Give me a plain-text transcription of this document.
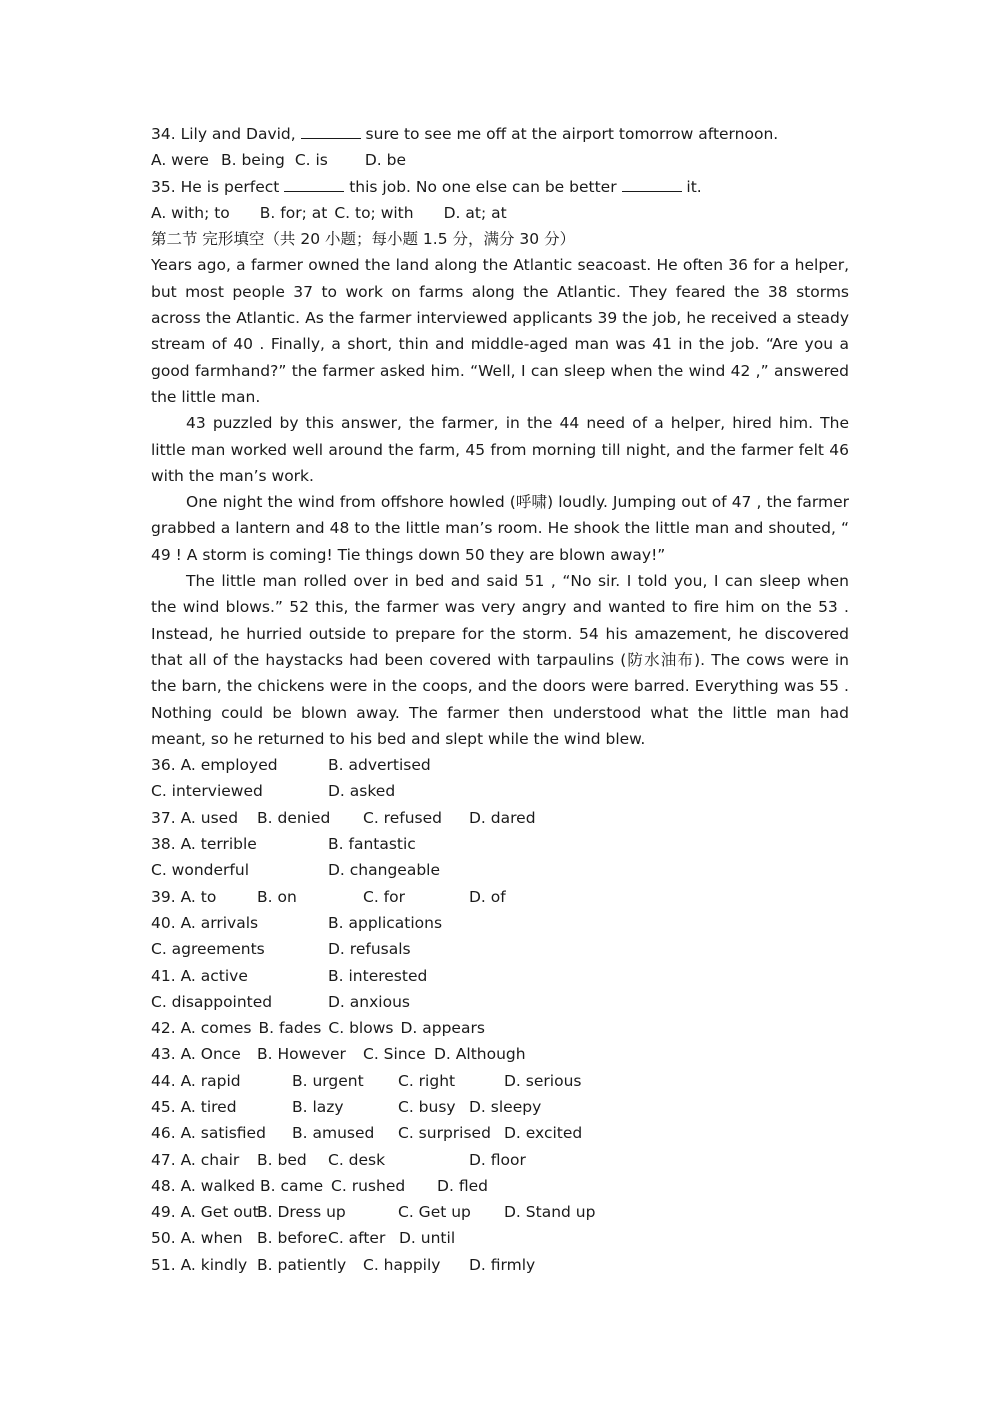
34. Lily and David,	sure to see me off at the airport tomorrow afternoon.
A. were B. being C. is D. be
35. He is perfect	this job. No one else can be better	it.
A. with; to B. for; at C. to; with D. at; at
第二节 完形填空（共 20 小题；每小题 1.5 分，满分 30 分）
Years ago, a farmer owned the land along the Atlantic seacoast. He often 36 for a helper, but most people 37 to work on farms along the Atlantic. They feared the 38 storms across the Atlantic. As the farmer interviewed applicants 39 the job, he received a steady stream of 40 . Finally, a short, thin and middle-aged man was 41 in the job. “Are you a good farmhand?” the farmer asked him. “Well, I can sleep when the wind 42 ,” answered the little man.
43 puzzled by this answer, the farmer, in the 44 need of a helper, hired him. The little man worked well around the farm, 45 from morning till night, and the farmer felt 46 with the man’s work.
One night the wind from offshore howled (呼啸) loudly. Jumping out of 47 , the farmer grabbed a lantern and 48 to the little man’s room. He shook the little man and shouted, “ 49 ! A storm is coming! Tie things down 50 they are blown away!”
The little man rolled over in bed and said 51 , “No sir. I told you, I can sleep when the wind blows.” 52 this, the farmer was very angry and wanted to fire him on the 53 . Instead, he hurried outside to prepare for the storm. 54 his amazement, he discovered that all of the haystacks had been covered with tarpaulins (防水油布). The cows were in the barn, the chickens were in the coops, and the doors were barred. Everything was 55 . Nothing could be blown away. The farmer then understood what the little man had meant, so he returned to his bed and slept while the wind blew.
36. A. employed	B. advertised
C. interviewed	D. asked
37. A. used	B. denied	C. refused	D. dared
38. A. terrible	B. fantastic
C. wonderful	D. changeable
39. A. to	B. on	C. for	D. of
40. A. arrivals	B. applications
C. agreements	D. refusals
41. A. active	B. interested
C. disappointed	D. anxious
42. A. comes B. fades C. blows D. appears
43. A. Once	B. However	C. Since D. Although
44. A. rapid	B. urgent	C. right	D. serious
45. A. tired	B. lazy	C. busy D. sleepy
46. A. satisfied	B. amused	C. surprised D. excited
47. A. chair	B. bed	C. desk	D. floor
48. A. walked B. came C. rushed	D. fled
49. A. Get out
B. Dress up	C. Get up	D. Stand up
50. A. when B. before C. after D. until
51. A. kindly B. patiently	C. happily	D. firmly
